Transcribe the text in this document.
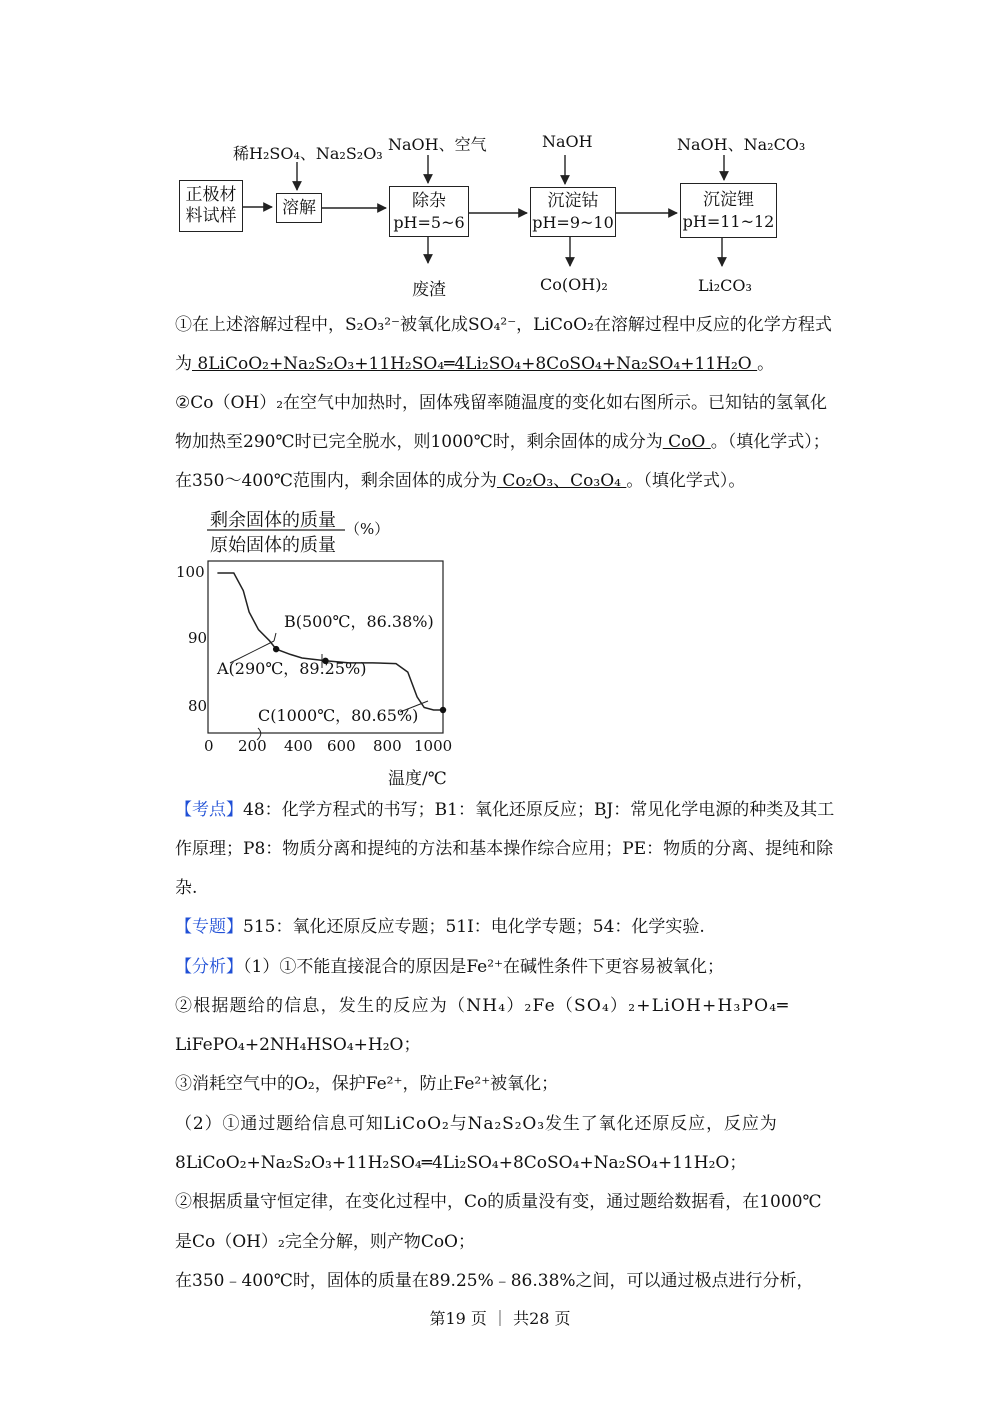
正极材料试样	溶解	除杂
pH=5~6
沉淀钴
pH=9~10
沉淀锂
pH=11~12
稀H₂SO₄、Na₂S₂O₃ NaOH、空气	NaOH	NaOH、Na₂CO₃
废渣	Co(OH)₂	Li₂CO₃
①在上述溶解过程中，S₂O₃²⁻被氧化成SO₄²⁻，LiCoO₂在溶解过程中反应的化学方程式
为 8LiCoO₂+Na₂S₂O₃+11H₂SO₄═4Li₂SO₄+8CoSO₄+Na₂SO₄+11H₂O 。
②Co（OH）₂在空气中加热时，固体残留率随温度的变化如右图所示。已知钴的氢氧化
物加热至290℃时已完全脱水，则1000℃时，剩余固体的成分为 CoO 。（填化学式）；
在350～400℃范围内，剩余固体的成分为 Co₂O₃、Co₃O₄ 。（填化学式）。
剩余固体的质量
原始固体的质量
（%）
100
90
80
0 200 400 600 800 1000
B(500℃，86.38%)
A(290℃，89.25%)
C(1000℃，80.65%)
温度/℃
【考点】48：化学方程式的书写；B1：氧化还原反应；BJ：常见化学电源的种类及其工
作原理；P8：物质分离和提纯的方法和基本操作综合应用；PE：物质的分离、提纯和除
杂.
【专题】515：氧化还原反应专题；51I：电化学专题；54：化学实验.
【分析】（1）①不能直接混合的原因是Fe²⁺在碱性条件下更容易被氧化；
②根据题给的信息，发生的反应为（NH₄）₂Fe（SO₄）₂+LiOH+H₃PO₄═
LiFePO₄+2NH₄HSO₄+H₂O；
③消耗空气中的O₂，保护Fe²⁺，防止Fe²⁺被氧化；
（2）①通过题给信息可知LiCoO₂与Na₂S₂O₃发生了氧化还原反应，反应为
8LiCoO₂+Na₂S₂O₃+11H₂SO₄═4Li₂SO₄+8CoSO₄+Na₂SO₄+11H₂O；
②根据质量守恒定律，在变化过程中，Co的质量没有变，通过题给数据看，在1000℃
是Co（OH）₂完全分解，则产物CoO；
在350﹣400℃时，固体的质量在89.25%﹣86.38%之间，可以通过极点进行分析，
第19 页 ｜ 共28 页
